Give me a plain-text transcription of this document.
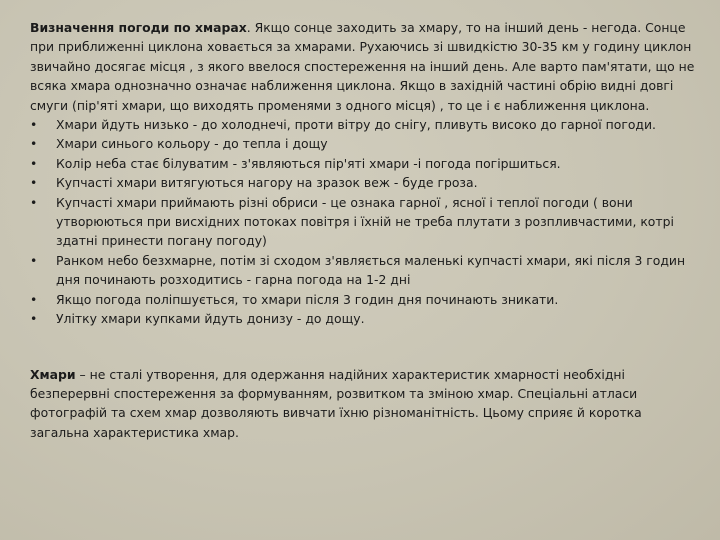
Визначення погоди по хмарах. Якщо сонце заходить за хмару, то на інший день - негода. Сонце при приближенні циклона ховається за хмарами. Рухаючись зі швидкістю 30-35 км у годину циклон звичайно досягає місця , з якого ввелося спостереження на інший день. Але варто пам'ятати, що не всяка хмара однозначно означає наближення циклона. Якщо в західній частині обрію видні довгі смуги (пір'яті хмари, що виходять променями з одного місця) , то це і є наближення циклона.

•	Хмари йдуть низько - до холоднечі, проти вітру до снігу, пливуть високо до гарної погоди.
•	Хмари синього кольору - до тепла і дощу
•	Колір неба стає білуватим - з'являються пір'яті хмари -і погода погіршиться.
•	Купчасті хмари витягуються нагору на зразок веж - буде гроза.
•	Купчасті хмари приймають різні обриси - це ознака гарної , ясної і теплої погоди ( вони утворюються при висхідних потоках повітря і їхній не треба плутати з розпливчастими, котрі здатні принести погану погоду)
•	Ранком небо безхмарне, потім зі сходом з'являється маленькі купчасті хмари, які після 3 годин дня починають розходитись - гарна погода на 1-2 дні
•	Якщо погода поліпшується, то хмари після 3 годин дня починають зникати.
•	Улітку хмари купками йдуть донизу - до дощу.

Хмари – не сталі утворення, для одержання надійних характеристик хмарності необхідні безперервні спостереження за формуванням, розвитком та зміною хмар. Спеціальні атласи фотографій та схем хмар дозволяють вивчати їхню різноманітність. Цьому сприяє й коротка загальна характеристика хмар.
